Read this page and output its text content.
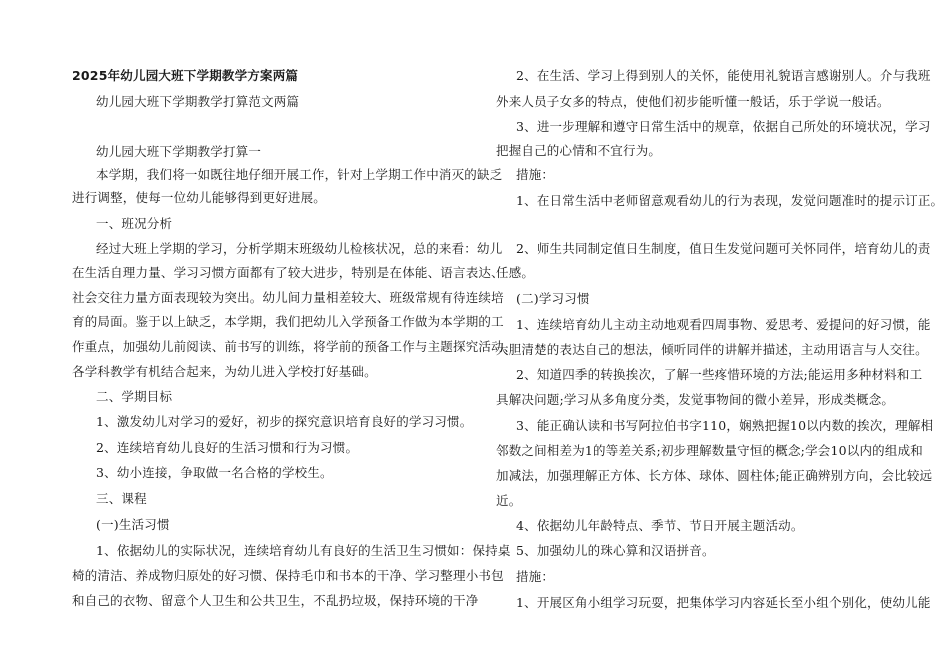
2025年幼儿园大班下学期教学方案两篇
幼儿园大班下学期教学打算范文两篇
幼儿园大班下学期教学打算一
本学期，我们将一如既往地仔细开展工作，针对上学期工作中消灭的缺乏
进行调整，使每一位幼儿能够得到更好进展。
一、班况分析
经过大班上学期的学习，分析学期末班级幼儿检核状况，总的来看：幼儿
在生活自理力量、学习习惯方面都有了较大进步，特别是在体能、语言表达、
社会交往力量方面表现较为突出。幼儿间力量相差较大、班级常规有待连续培
育的局面。鉴于以上缺乏，本学期，我们把幼儿入学预备工作做为本学期的工
作重点，加强幼儿前阅读、前书写的训练，将学前的预备工作与主题探究活动、
各学科教学有机结合起来，为幼儿进入学校打好基础。
二、学期目标
1、激发幼儿对学习的爱好，初步的探究意识培育良好的学习习惯。
2、连续培育幼儿良好的生活习惯和行为习惯。
3、幼小连接，争取做一名合格的学校生。
三、课程
(一)生活习惯
1、依据幼儿的实际状况，连续培育幼儿有良好的生活卫生习惯如：保持桌
椅的清洁、养成物归原处的好习惯、保持毛巾和书本的干净、学习整理小书包
和自己的衣物、留意个人卫生和公共卫生，不乱扔垃圾，保持环境的干净
2、在生活、学习上得到别人的关怀，能使用礼貌语言感谢别人。介与我班
外来人员子女多的特点，使他们初步能听懂一般话，乐于学说一般话。
3、进一步理解和遵守日常生活中的规章，依据自己所处的环境状况，学习
把握自己的心情和不宜行为。
措施：
1、在日常生活中老师留意观看幼儿的行为表现，发觉问题准时的提示订正。
2、师生共同制定值日生制度，值日生发觉问题可关怀同伴，培育幼儿的责
任感。
(二)学习习惯
1、连续培育幼儿主动主动地观看四周事物、爱思考、爱提问的好习惯，能
大胆清楚的表达自己的想法，倾听同伴的讲解并描述，主动用语言与人交往。
2、知道四季的转换挨次，了解一些疼惜环境的方法;能运用多种材料和工
具解决问题;学习从多角度分类，发觉事物间的微小差异，形成类概念。
3、能正确认读和书写阿拉伯书字110，娴熟把握10以内数的挨次，理解相
邻数之间相差为1的等差关系;初步理解数量守恒的概念;学会10以内的组成和
加减法，加强理解正方体、长方体、球体、圆柱体;能正确辨别方向，会比较远
近。
4、依据幼儿年龄特点、季节、节日开展主题活动。
5、加强幼儿的珠心算和汉语拼音。
措施：
1、开展区角小组学习玩耍，把集体学习内容延长至小组个别化，使幼儿能
